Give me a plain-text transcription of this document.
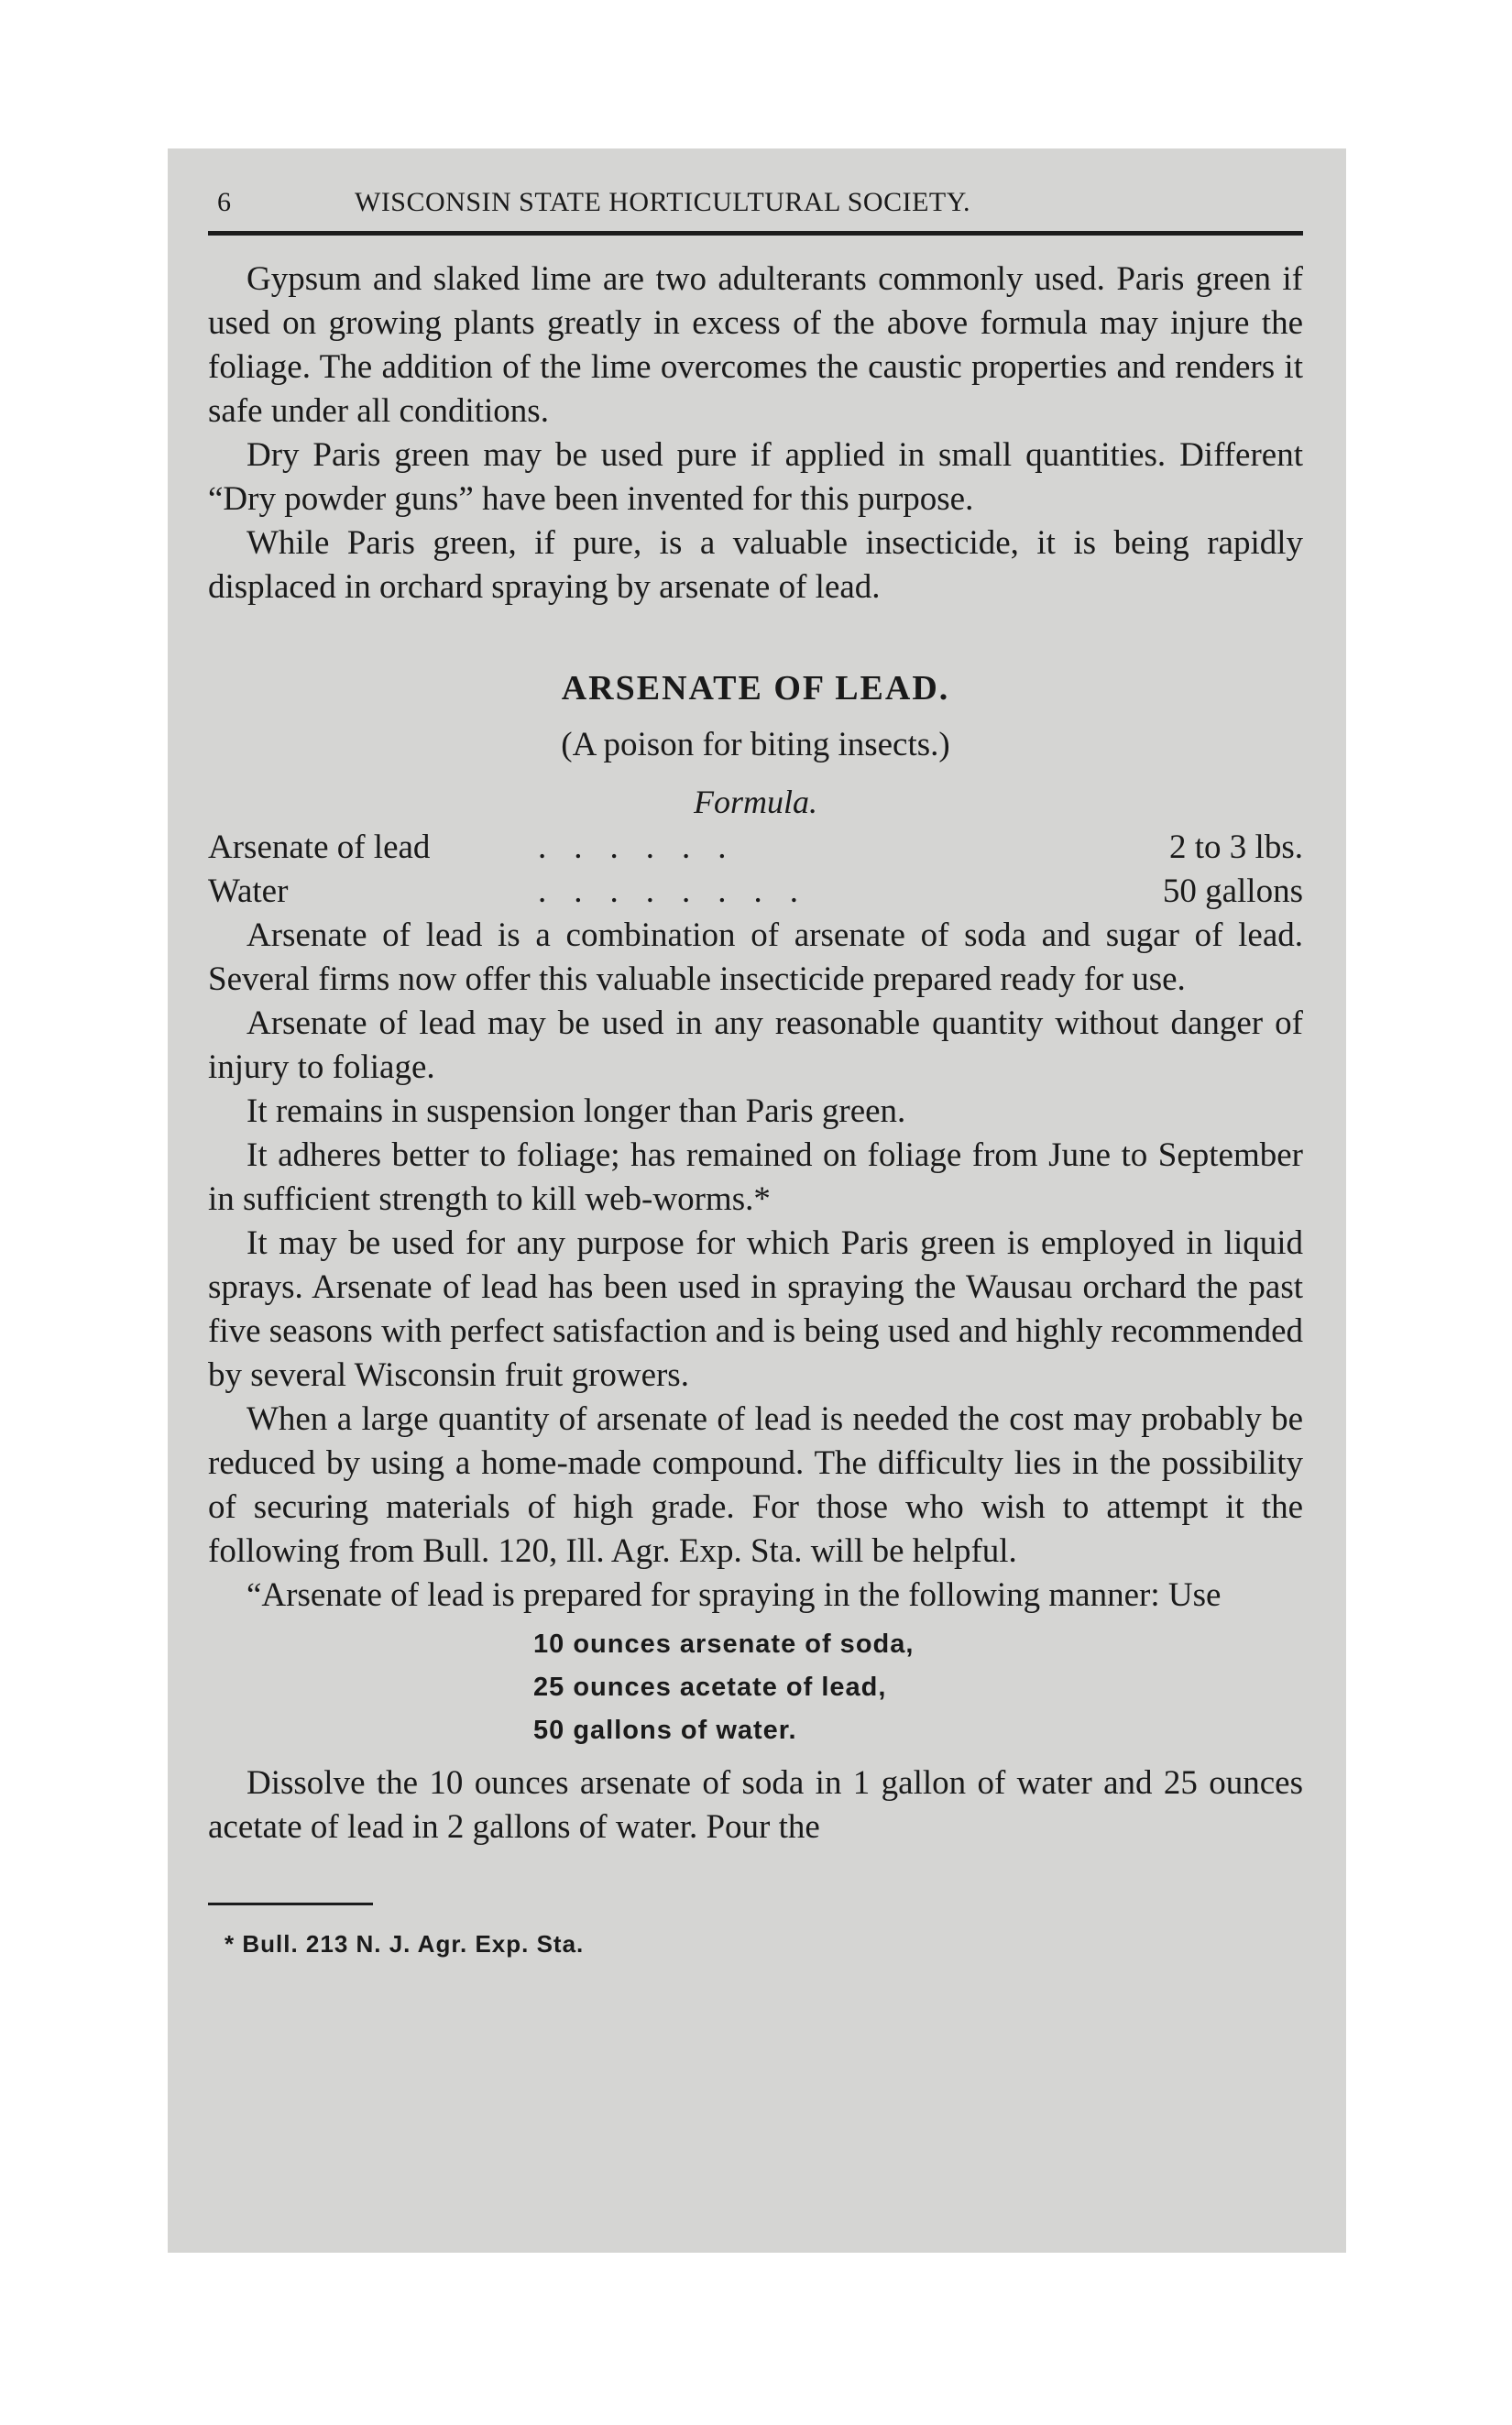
6	WISCONSIN STATE HORTICULTURAL SOCIETY.

Gypsum and slaked lime are two adulterants commonly used. Paris green if used on growing plants greatly in excess of the above formula may injure the foliage. The addition of the lime overcomes the caustic properties and renders it safe under all conditions.

Dry Paris green may be used pure if applied in small quantities. Different “Dry powder guns” have been invented for this purpose.

While Paris green, if pure, is a valuable insecticide, it is being rapidly displaced in orchard spraying by arsenate of lead.

ARSENATE OF LEAD.

(A poison for biting insects.)

Formula.

Arsenate of lead	......	2 to 3 lbs.
Water	........	50 gallons

Arsenate of lead is a combination of arsenate of soda and sugar of lead. Several firms now offer this valuable insecticide prepared ready for use.

Arsenate of lead may be used in any reasonable quantity without danger of injury to foliage.

It remains in suspension longer than Paris green.

It adheres better to foliage; has remained on foliage from June to September in sufficient strength to kill web-worms.*

It may be used for any purpose for which Paris green is employed in liquid sprays. Arsenate of lead has been used in spraying the Wausau orchard the past five seasons with perfect satisfaction and is being used and highly recommended by several Wisconsin fruit growers.

When a large quantity of arsenate of lead is needed the cost may probably be reduced by using a home-made compound. The difficulty lies in the possibility of securing materials of high grade. For those who wish to attempt it the following from Bull. 120, Ill. Agr. Exp. Sta. will be helpful.

“Arsenate of lead is prepared for spraying in the following manner: Use

10 ounces arsenate of soda,
25 ounces acetate of lead,
50 gallons of water.

Dissolve the 10 ounces arsenate of soda in 1 gallon of water and 25 ounces acetate of lead in 2 gallons of water. Pour the

* Bull. 213 N. J. Agr. Exp. Sta.
